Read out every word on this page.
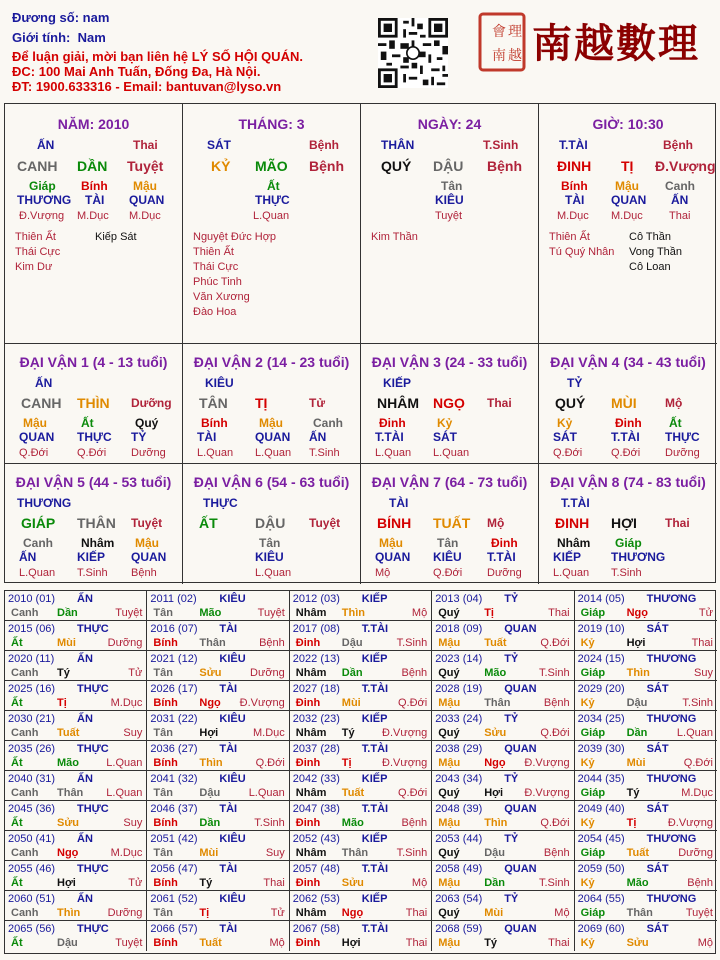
Đương số: nam
Giới tính: Nam
Để luận giải, mời bạn liên hệ LÝ SỐ HỘI QUÁN.
ĐC: 100 Mai Anh Tuấn, Đống Đa, Hà Nội.
ĐT: 1900.633316 - Email: bantuvan@lyso.vn
會 理
南 越 南越數理
NĂM: 2010
ẤN	Thai
CANH DẦN Tuyệt
Giáp Bính Mậu
THƯƠNG TÀI QUAN
Đ.Vượng M.Dục M.Dục
Thiên Ất
Thái Cực
Kim Dư
Kiếp Sát
THÁNG: 3
SÁT	Bệnh
KỶ MÃO Bệnh
Ất
THỰC
L.Quan
Nguyệt Đức Hợp
Thiên Ất
Thái Cực
Phúc Tinh
Văn Xương
Đào Hoa
NGÀY: 24
THÂN	T.Sinh
QUÝ DẬU Bệnh
Tân
KIÊU
Tuyệt
Kim Thần
GIỜ: 10:30
T.TÀI	Bệnh
ĐINH TỊ Đ.Vượng
Bính Mậu Canh
TÀI QUAN ẤN
M.Dục M.Dục Thai
Thiên Ất
Tú Quý Nhân
Cô Thần
Vong Thần
Cô Loan
ĐẠI VẬN 1 (4 - 13 tuổi)
ẤN
CANH THÌN Dưỡng
Mậu	Ất	Quý
QUAN THỰC TỶ
Q.Đới	Q.Đới Dưỡng
ĐẠI VẬN 2 (14 - 23 tuổi)
KIÊU
TÂN TỊ	Tử
Bính	Mậu	Canh
TÀI	QUAN ẤN
L.Quan L.Quan T.Sinh
ĐẠI VẬN 3 (24 - 33 tuổi)
KIẾP
NHÂM NGỌ Thai
Đinh	Kỷ
T.TÀI SÁT
L.Quan L.Quan
ĐẠI VẬN 4 (34 - 43 tuổi)
TỶ
QUÝ MÙI Mộ
Kỷ	Đinh Ất
SÁT	T.TÀI THỰC
Q.Đới	Q.Đới Dưỡng
ĐẠI VẬN 5 (44 - 53 tuổi)
THƯƠNG
GIÁP THÂN Tuyệt
Canh Nhâm Mậu
ẤN	KIẾP QUAN
L.Quan T.Sinh Bệnh
ĐẠI VẬN 6 (54 - 63 tuổi)
THỰC
ẤT	DẬU Tuyệt
Tân
KIÊU
L.Quan
ĐẠI VẬN 7 (64 - 73 tuổi)
TÀI
BÍNH TUẤT Mộ
Mậu	Tân	Đinh
QUAN KIÊU T.TÀI
Mộ	Q.Đới Dưỡng
ĐẠI VẬN 8 (74 - 83 tuổi)
T.TÀI
ĐINH HỢI Thai
Nhâm Giáp
KIẾP THƯƠNG
L.Quan T.Sinh
2010 (01) ẤN
Canh Dần	Tuyệt
2011 (02) KIÊU
Tân Mão	Tuyệt
2012 (03) KIẾP
Nhâm Thìn	Mộ
2013 (04) TỶ
Quý Tị	Thai
2014 (05) THƯƠNG
Giáp Ngọ	Tử
2015 (06) THỰC
Ất	Mùi	Dưỡng
2016 (07) TÀI
Bính Thân	Bệnh
2017 (08) T.TÀI
Đinh Dậu	T.Sinh
2018 (09) QUAN
Mậu Tuất	Q.Đới
2019 (10) SÁT
Kỷ	Hợi	Thai
2020 (11) ẤN
Canh Tý	Tử
2021 (12) KIÊU
Tân Sửu	Dưỡng
2022 (13) KIẾP
Nhâm Dần	Bệnh
2023 (14) TỶ
Quý Mão	T.Sinh
2024 (15) THƯƠNG
Giáp Thìn	Suy
2025 (16) THỰC
Ất	Tị	M.Dục
2026 (17) TÀI
Bính Ngọ Đ.Vượng
2027 (18) T.TÀI
Đinh Mùi	Q.Đới
2028 (19) QUAN
Mậu Thân	Bệnh
2029 (20) SÁT
Kỷ	Dậu	T.Sinh
2030 (21) ẤN
Canh Tuất	Suy
2031 (22) KIÊU
Tân Hợi	M.Dục
2032 (23) KIẾP
Nhâm Tý Đ.Vượng
2033 (24) TỶ
Quý Sửu	Q.Đới
2034 (25) THƯƠNG
Giáp Dần	L.Quan
2035 (26) THỰC
Ất	Mão L.Quan
2036 (27) TÀI
Bính Thìn	Q.Đới
2037 (28) T.TÀI
Đinh Tị	Đ.Vượng
2038 (29) QUAN
Mậu Ngọ Đ.Vượng
2039 (30) SÁT
Kỷ	Mùi	Q.Đới
2040 (31) ẤN
Canh Thân L.Quan
2041 (32) KIÊU
Tân Dậu	L.Quan
2042 (33) KIẾP
Nhâm Tuất	Q.Đới
2043 (34) TỶ
Quý Hợi Đ.Vượng
2044 (35) THƯƠNG
Giáp Tý	M.Dục
2045 (36) THỰC
Ất	Sửu	Suy
2046 (37) TÀI
Bính Dần	T.Sinh
2047 (38) T.TÀI
Đinh Mão	Bệnh
2048 (39) QUAN
Mậu Thìn	Q.Đới
2049 (40) SÁT
Kỷ	Tị	Đ.Vượng
2050 (41) ẤN
Canh Ngọ	M.Dục
2051 (42) KIÊU
Tân Mùi	Suy
2052 (43) KIẾP
Nhâm Thân	T.Sinh
2053 (44) TỶ
Quý Dậu	Bệnh
2054 (45) THƯƠNG
Giáp Tuất	Dưỡng
2055 (46) THỰC
Ất	Hợi	Tử
2056 (47) TÀI
Bính Tý	Thai
2057 (48) T.TÀI
Đinh Sửu	Mộ
2058 (49) QUAN
Mậu Dần	T.Sinh
2059 (50) SÁT
Kỷ	Mão	Bệnh
2060 (51) ẤN
Canh Thìn Dưỡng
2061 (52) KIÊU
Tân Tị	Tử
2062 (53) KIẾP
Nhâm Ngọ	Thai
2063 (54) TỶ
Quý Mùi	Mộ
2064 (55) THƯƠNG
Giáp Thân	Tuyệt
2065 (56) THỰC
Ất	Dậu	Tuyệt
2066 (57) TÀI
Bính Tuất	Mộ
2067 (58) T.TÀI
Đinh Hợi	Thai
2068 (59) QUAN
Mậu Tý	Thai
2069 (60) SÁT
Kỷ	Sửu	Mộ
